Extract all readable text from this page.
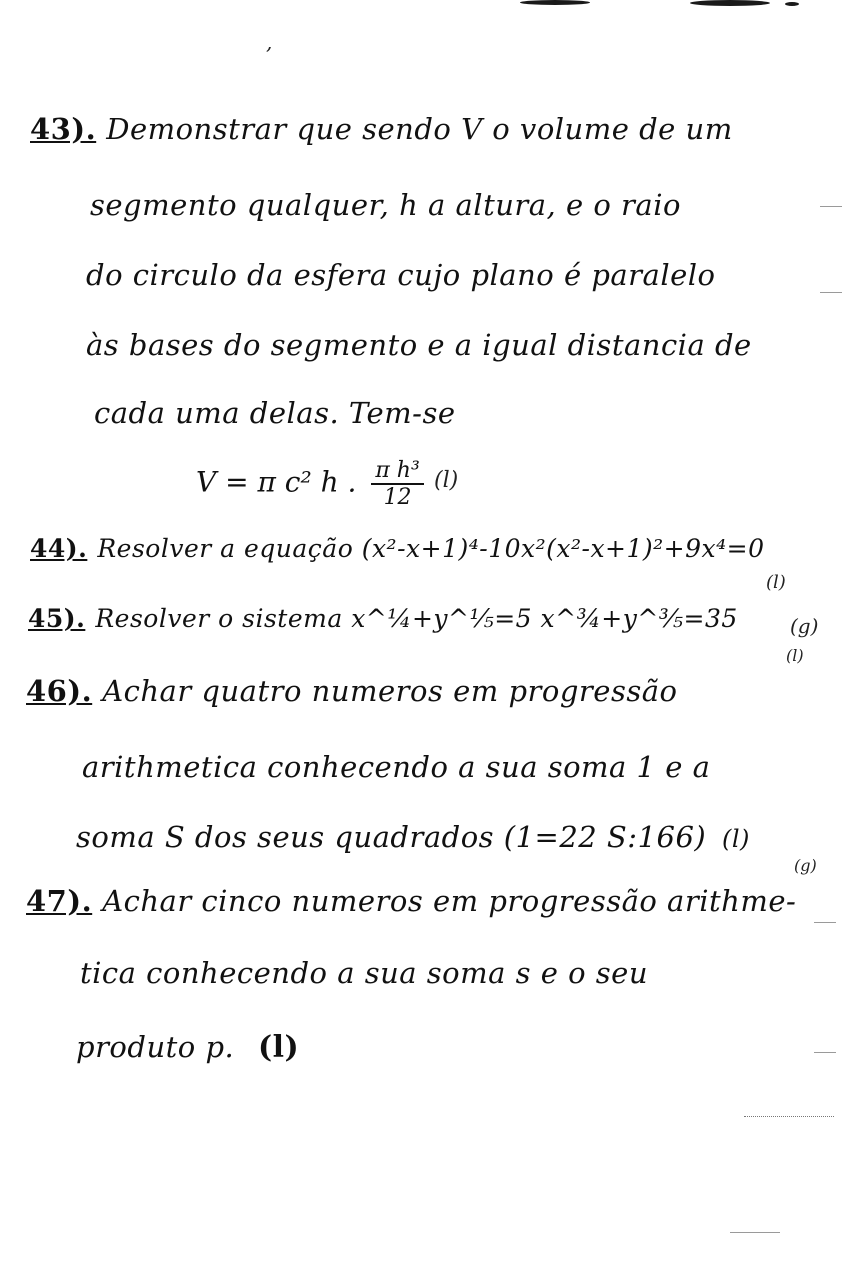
,
43). Demonstrar que sendo V o volume de um
segmento qualquer, h a altura, e o raio
do circulo da esfera cujo plano é paralelo
às bases do segmento e a igual distancia de
cada uma delas. Tem-se
V = π c² h . $\frac{\text{π h³}}{12} (l)$
44). Resolver a equação (x²-x+1)⁴-10x²(x²-x+1)²+9x⁴=0
(l)
45). Resolver o sistema x^¼+y^⅕=5 x^¾+y^⅗=35	(g)
(l)
46). Achar quatro numeros em progressão
arithmetica conhecendo a sua soma 1 e a
soma S dos seus quadrados (1=22 S:166) (l)
(g)
47). Achar cinco numeros em progressão arithme-
tica conhecendo a sua soma s e o seu
produto p. (l)
